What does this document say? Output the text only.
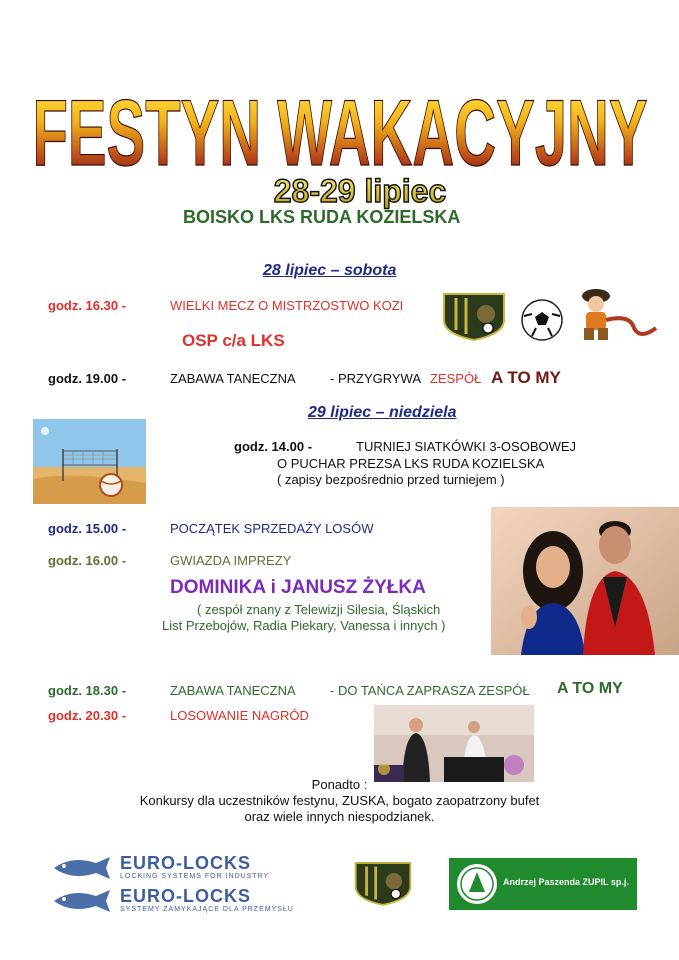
FESTYN WAKACYJNY
28-29 lipiec
BOISKO LKS RUDA KOZIELSKA
28 lipiec – sobota
godz. 16.30 -	WIELKI MECZ O MISTRZOSTWO KOZI
OSP c/a LKS
godz. 19.00 -	ZABAWA TANECZNA	- PRZYGRYWA ZESPÓŁ A TO MY
29 lipiec – niedziela
godz. 14.00 -	TURNIEJ SIATKÓWKI 3-OSOBOWEJ
O PUCHAR PREZSA LKS RUDA KOZIELSKA
( zapisy bezpośrednio przed turniejem )
godz. 15.00 -	POCZĄTEK SPRZEDAŻY LOSÓW
godz. 16.00 -	GWIAZDA IMPREZY
DOMINIKA i JANUSZ ŻYŁKA
( zespół znany z Telewizji Silesia, Śląskich
List Przebojów, Radia Piekary, Vanessa i innych )
godz. 18.30 -	ZABAWA TANECZNA	- DO TAŃCA ZAPRASZA ZESPÓŁ A TO MY
godz. 20.30 -	LOSOWANIE NAGRÓD
Ponadto :
Konkursy dla uczestników festynu, ZUSKA, bogato zaopatrzony bufet
oraz wiele innych niespodzianek.
EURO-LOCKS
LOCKING SYSTEMS FOR INDUSTRY
EURO-LOCKS
SYSTEMY ZAMYKAJĄCE DLA PRZEMYSŁU
Andrzej Paszenda ZUPIL sp.j.
